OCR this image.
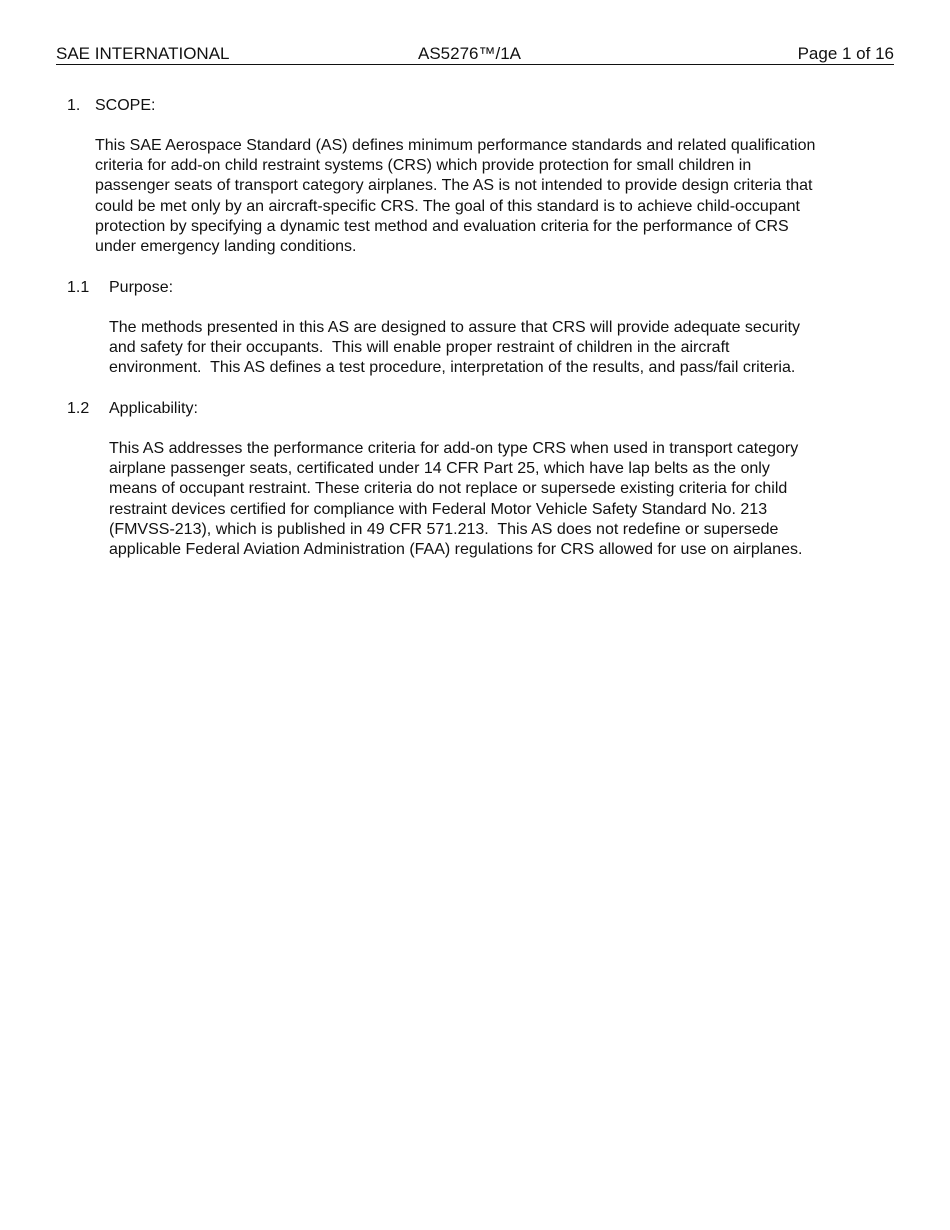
SAE INTERNATIONAL	AS5276™/1A	Page 1 of 16
1. SCOPE:
This SAE Aerospace Standard (AS) defines minimum performance standards and related qualification
criteria for add-on child restraint systems (CRS) which provide protection for small children in
passenger seats of transport category airplanes. The AS is not intended to provide design criteria that
could be met only by an aircraft-specific CRS. The goal of this standard is to achieve child-occupant
protection by specifying a dynamic test method and evaluation criteria for the performance of CRS
under emergency landing conditions.
1.1 Purpose:
The methods presented in this AS are designed to assure that CRS will provide adequate security
and safety for their occupants.  This will enable proper restraint of children in the aircraft
environment.  This AS defines a test procedure, interpretation of the results, and pass/fail criteria.
1.2 Applicability:
This AS addresses the performance criteria for add-on type CRS when used in transport category
airplane passenger seats, certificated under 14 CFR Part 25, which have lap belts as the only
means of occupant restraint. These criteria do not replace or supersede existing criteria for child
restraint devices certified for compliance with Federal Motor Vehicle Safety Standard No. 213
(FMVSS-213), which is published in 49 CFR 571.213.  This AS does not redefine or supersede
applicable Federal Aviation Administration (FAA) regulations for CRS allowed for use on airplanes.
